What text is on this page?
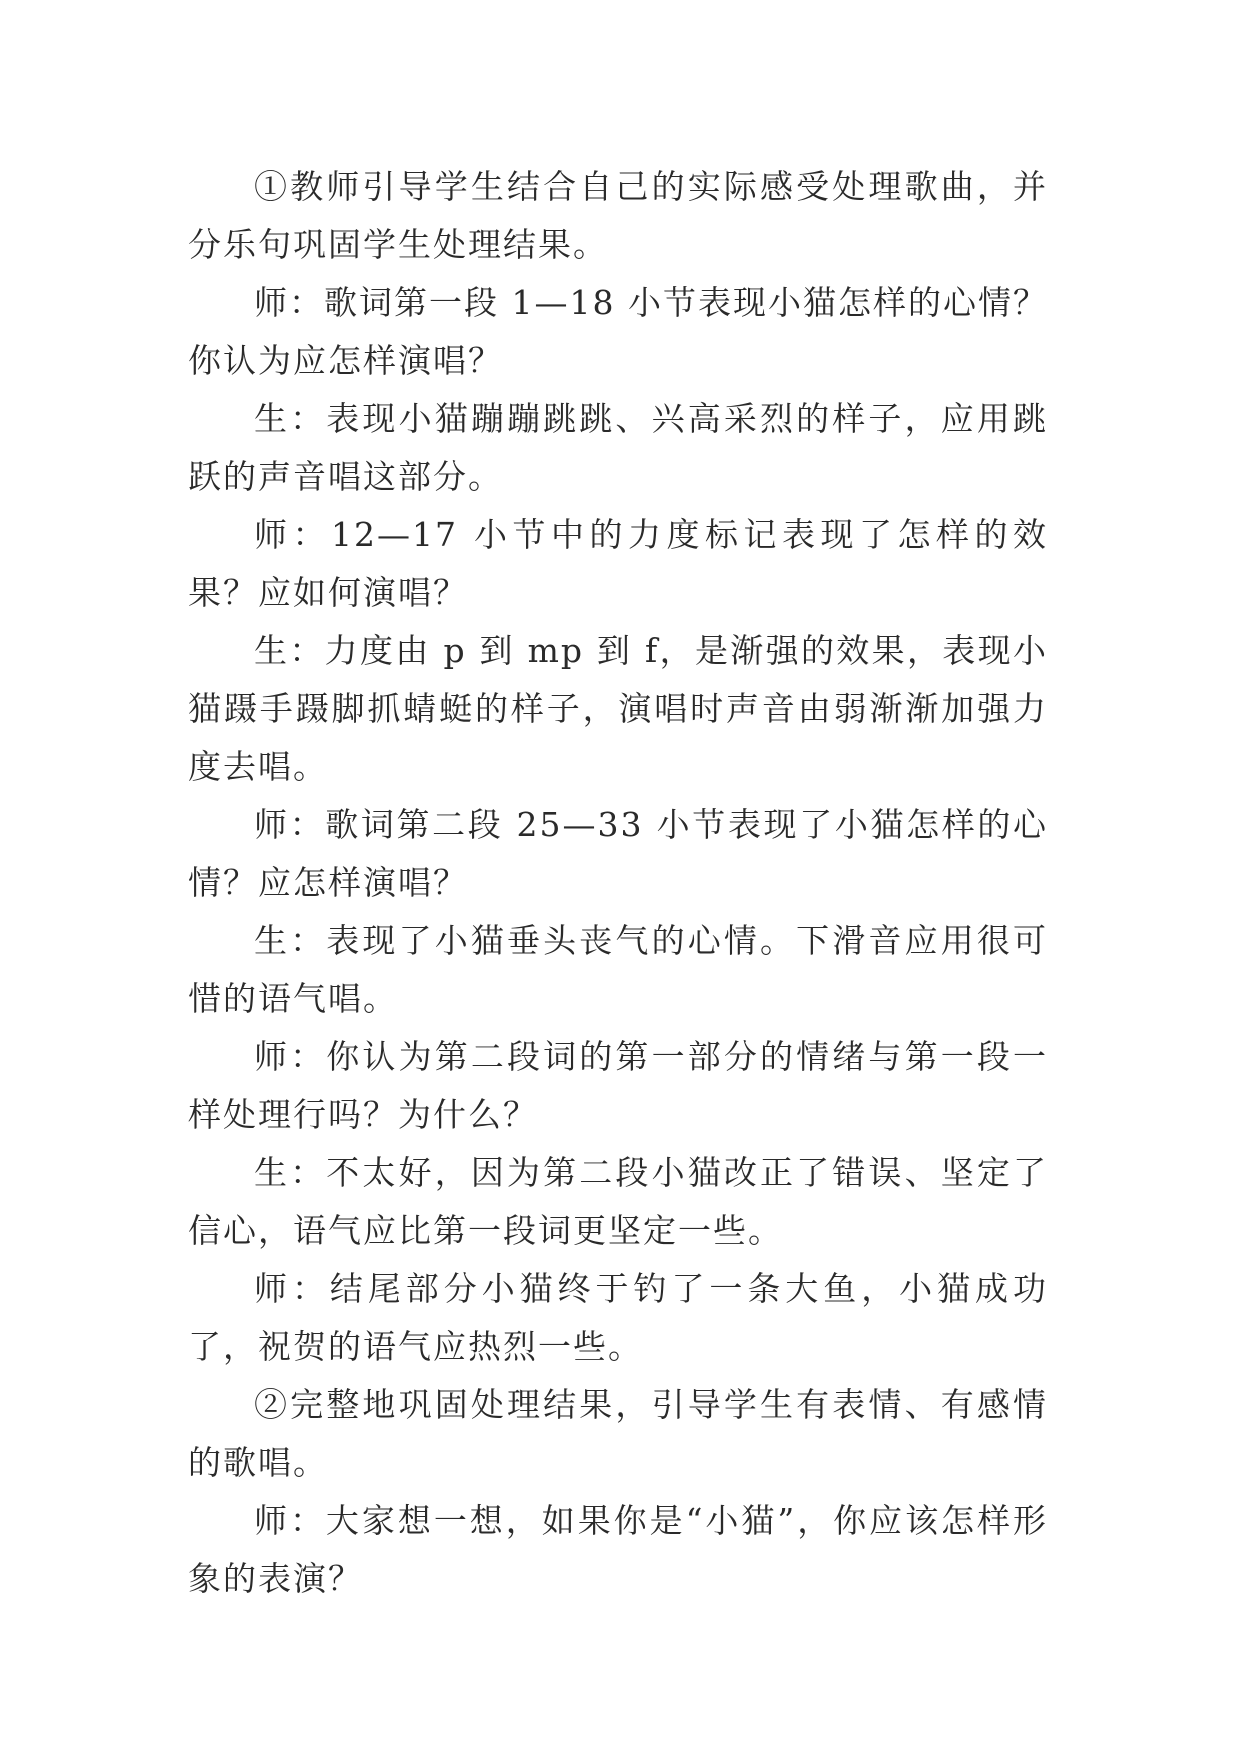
①教师引导学生结合自己的实际感受处理歌曲，并分乐句巩固学生处理结果。

师：歌词第一段 1—18 小节表现小猫怎样的心情？你认为应怎样演唱？

生：表现小猫蹦蹦跳跳、兴高采烈的样子，应用跳跃的声音唱这部分。

师：12—17 小节中的力度标记表现了怎样的效果？应如何演唱？

生：力度由 p 到 mp 到 f，是渐强的效果，表现小猫蹑手蹑脚抓蜻蜓的样子，演唱时声音由弱渐渐加强力度去唱。

师：歌词第二段 25—33 小节表现了小猫怎样的心情？应怎样演唱？

生：表现了小猫垂头丧气的心情。下滑音应用很可惜的语气唱。

师：你认为第二段词的第一部分的情绪与第一段一样处理行吗？为什么？

生：不太好，因为第二段小猫改正了错误、坚定了信心，语气应比第一段词更坚定一些。

师：结尾部分小猫终于钓了一条大鱼，小猫成功了，祝贺的语气应热烈一些。

②完整地巩固处理结果，引导学生有表情、有感情的歌唱。

师：大家想一想，如果你是“小猫”，你应该怎样形象的表演？
